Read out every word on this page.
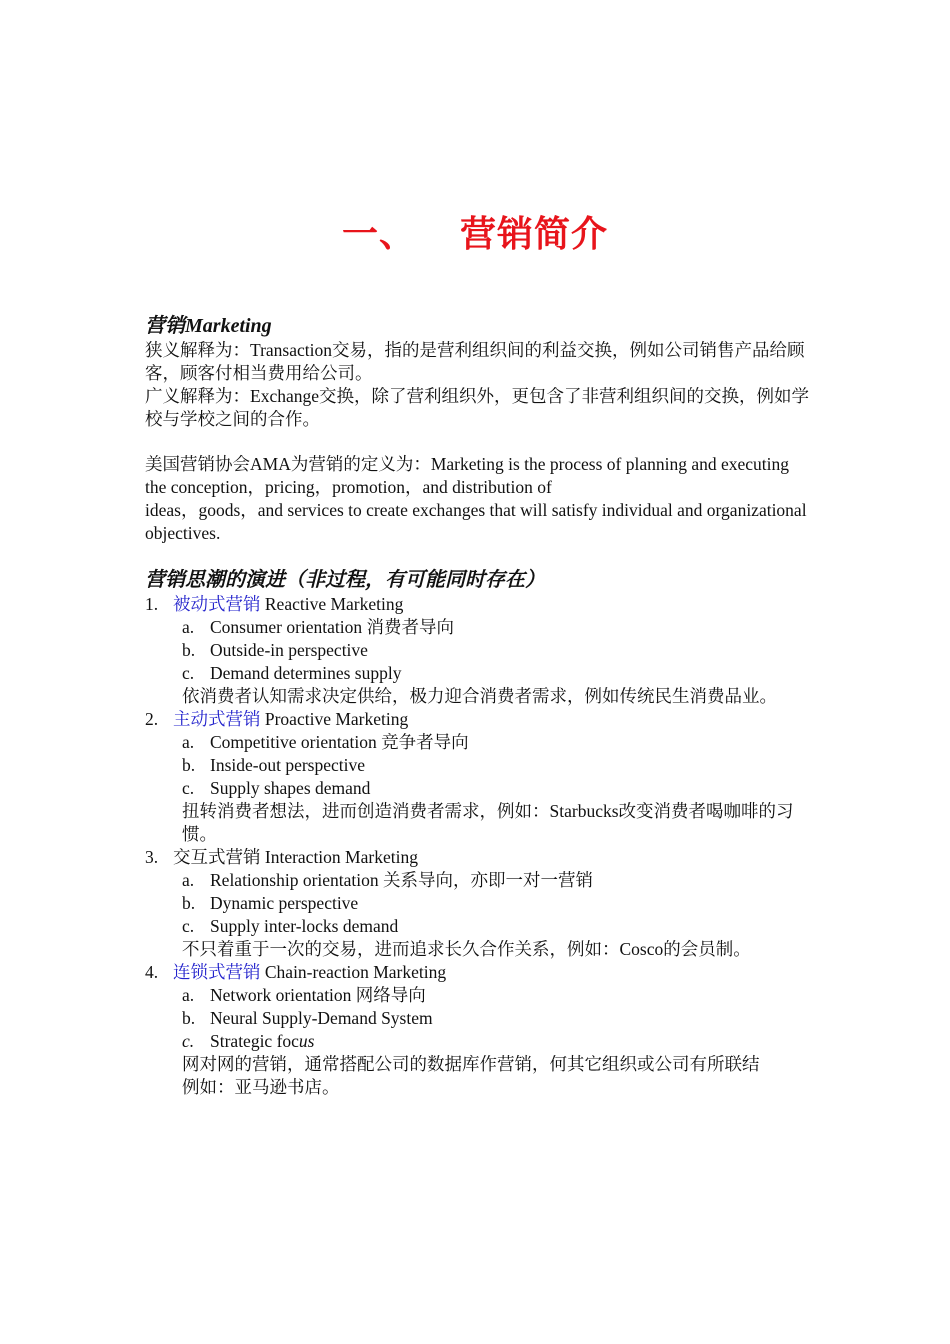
一、 营销简介
营销Marketing

狭义解释为：Transaction交易，指的是营利组织间的利益交换，例如公司销售产品给顾客，顾客付相当费用给公司。

广义解释为：Exchange交换，除了营利组织外，更包含了非营利组织间的交换，例如学校与学校之间的合作。

美国营销协会AMA为营销的定义为：Marketing is the process of planning and executing the conception，pricing，promotion，and distribution of
ideas，goods，and services to create exchanges that will satisfy individual and organizational objectives.

营销思潮的演进（非过程，有可能同时存在）
1. 被动式营销 Reactive Marketing
a. Consumer orientation 消费者导向
b. Outside-in perspective
c. Demand determines supply
依消费者认知需求决定供给，极力迎合消费者需求，例如传统民生消费品业。
2. 主动式营销 Proactive Marketing
a. Competitive orientation 竞争者导向
b. Inside-out perspective
c. Supply shapes demand
扭转消费者想法，进而创造消费者需求，例如：Starbucks改变消费者喝咖啡的习惯。
3. 交互式营销 Interaction Marketing
a. Relationship orientation 关系导向，亦即一对一营销
b. Dynamic perspective
c. Supply inter-locks demand
不只着重于一次的交易，进而追求长久合作关系，例如：Cosco的会员制。
4. 连锁式营销 Chain-reaction Marketing
a. Network orientation 网络导向
b. Neural Supply-Demand System
c. Strategic focus
网对网的营销，通常搭配公司的数据库作营销，何其它组织或公司有所联结
例如：亚马逊书店。
